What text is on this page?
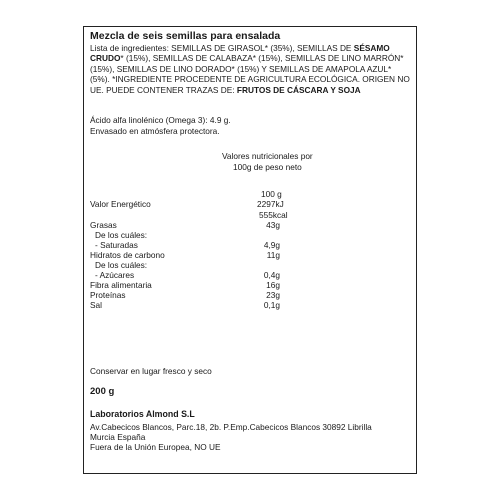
Mezcla de seis semillas para ensalada
Lista de ingredientes: SEMILLAS DE GIRASOL* (35%), SEMILLAS DE SÉSAMO CRUDO* (15%), SEMILLAS DE CALABAZA* (15%), SEMILLAS DE LINO MARRÓN* (15%), SEMILLAS DE LINO DORADO* (15%) Y SEMILLAS DE AMAPOLA AZUL* (5%). *INGREDIENTE PROCEDENTE DE AGRICULTURA ECOLÓGICA. ORIGEN NO UE. PUEDE CONTENER TRAZAS DE: FRUTOS DE CÁSCARA Y SOJA
Ácido alfa linolénico (Omega 3): 4.9 g.
Envasado en atmósfera protectora.
Valores nutricionales por
100g de peso neto
100 g
Valor Energético	2297kJ
555kcal
Grasas	43g
De los cuáles:
- Saturadas	4,9g
Hidratos de carbono	11g
De los cuáles:
- Azúcares	0,4g
Fibra alimentaria	16g
Proteínas	23g
Sal	0,1g
Conservar en lugar fresco y seco
200 g
Laboratorios Almond S.L
Av.Cabecicos Blancos, Parc.18, 2b. P.Emp.Cabecicos Blancos 30892 Librilla
Murcia España
Fuera de la Unión Europea, NO UE
